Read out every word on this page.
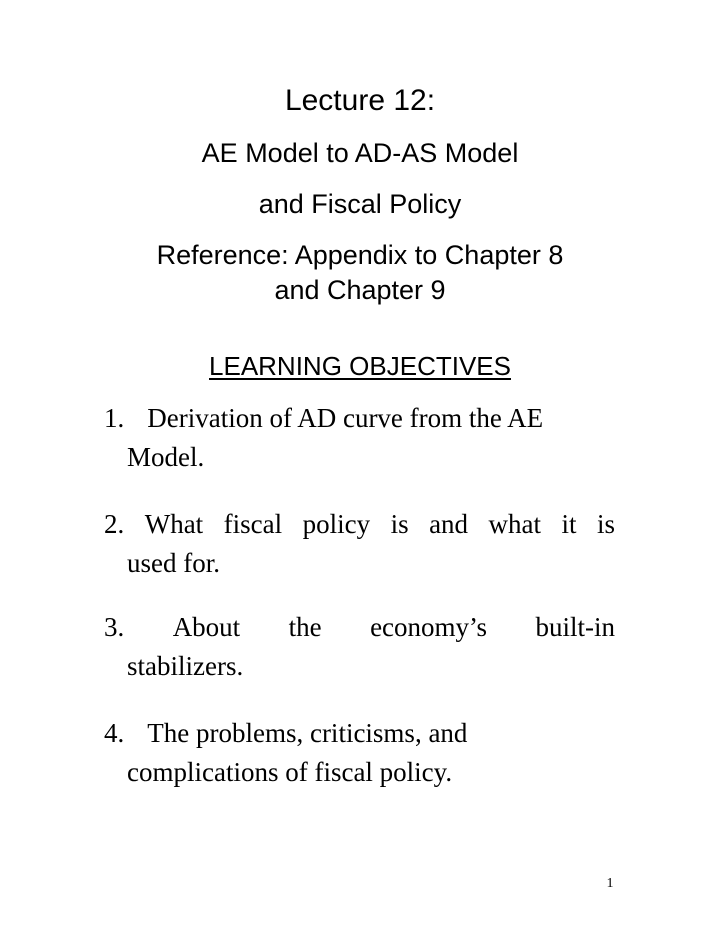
Lecture 12:
AE Model to AD-AS Model
and Fiscal Policy
Reference: Appendix to Chapter 8
and Chapter 9
LEARNING OBJECTIVES
1. Derivation of AD curve from the AE
Model.
2. What fiscal policy is and what it is
used for.
3. About the economy’s built-in
stabilizers.
4. The problems, criticisms, and
complications of fiscal policy.
1
